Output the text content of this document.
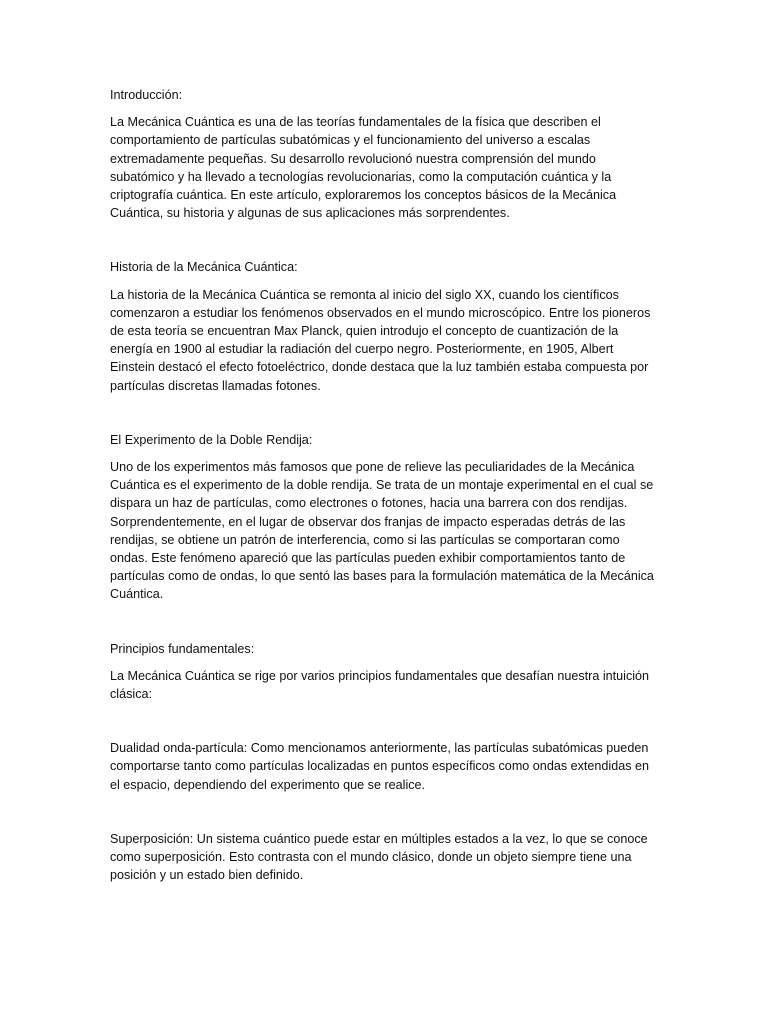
Introducción:

La Mecánica Cuántica es una de las teorías fundamentales de la física que describen el comportamiento de partículas subatómicas y el funcionamiento del universo a escalas extremadamente pequeñas. Su desarrollo revolucionó nuestra comprensión del mundo subatómico y ha llevado a tecnologías revolucionarias, como la computación cuántica y la criptografía cuántica. En este artículo, exploraremos los conceptos básicos de la Mecánica Cuántica, su historia y algunas de sus aplicaciones más sorprendentes.

Historia de la Mecánica Cuántica:

La historia de la Mecánica Cuántica se remonta al inicio del siglo XX, cuando los científicos comenzaron a estudiar los fenómenos observados en el mundo microscópico. Entre los pioneros de esta teoría se encuentran Max Planck, quien introdujo el concepto de cuantización de la energía en 1900 al estudiar la radiación del cuerpo negro. Posteriormente, en 1905, Albert Einstein destacó el efecto fotoeléctrico, donde destaca que la luz también estaba compuesta por partículas discretas llamadas fotones.

El Experimento de la Doble Rendija:

Uno de los experimentos más famosos que pone de relieve las peculiaridades de la Mecánica Cuántica es el experimento de la doble rendija. Se trata de un montaje experimental en el cual se dispara un haz de partículas, como electrones o fotones, hacia una barrera con dos rendijas. Sorprendentemente, en el lugar de observar dos franjas de impacto esperadas detrás de las rendijas, se obtiene un patrón de interferencia, como si las partículas se comportaran como ondas. Este fenómeno apareció que las partículas pueden exhibir comportamientos tanto de partículas como de ondas, lo que sentó las bases para la formulación matemática de la Mecánica Cuántica.

Principios fundamentales:

La Mecánica Cuántica se rige por varios principios fundamentales que desafían nuestra intuición clásica:

Dualidad onda-partícula: Como mencionamos anteriormente, las partículas subatómicas pueden comportarse tanto como partículas localizadas en puntos específicos como ondas extendidas en el espacio, dependiendo del experimento que se realice.

Superposición: Un sistema cuántico puede estar en múltiples estados a la vez, lo que se conoce como superposición. Esto contrasta con el mundo clásico, donde un objeto siempre tiene una posición y un estado bien definido.
